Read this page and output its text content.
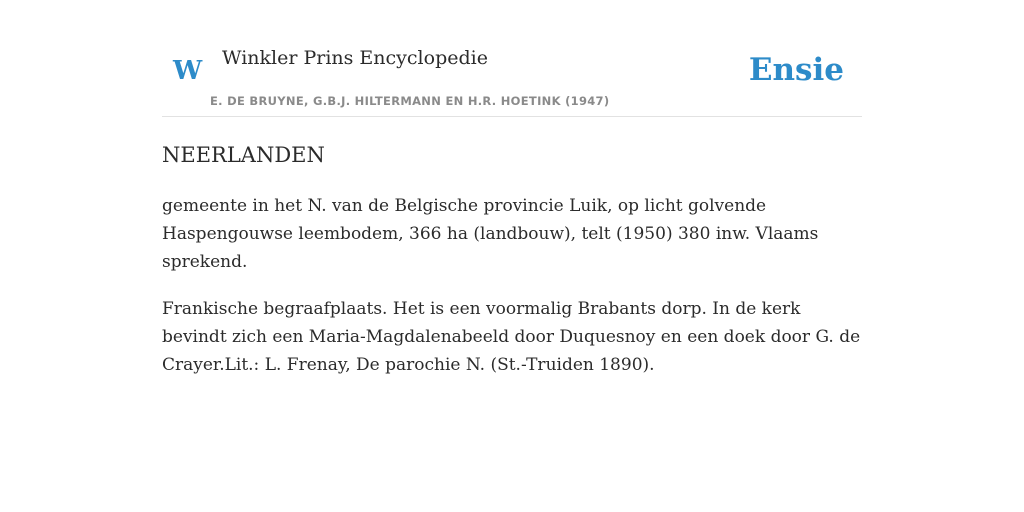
W Winkler Prins Encyclopedie
E. DE BRUYNE, G.B.J. HILTERMANN EN H.R. HOETINK (1947)
Ensie
NEERLANDEN

gemeente in het N. van de Belgische provincie Luik, op licht golvende Haspengouwse leembodem, 366 ha (landbouw), telt (1950) 380 inw. Vlaams sprekend.

Frankische begraafplaats. Het is een voormalig Brabants dorp. In de kerk bevindt zich een Maria-Magdalenabeeld door Duquesnoy en een doek door G. de Crayer.Lit.: L. Frenay, De parochie N. (St.-Truiden 1890).
